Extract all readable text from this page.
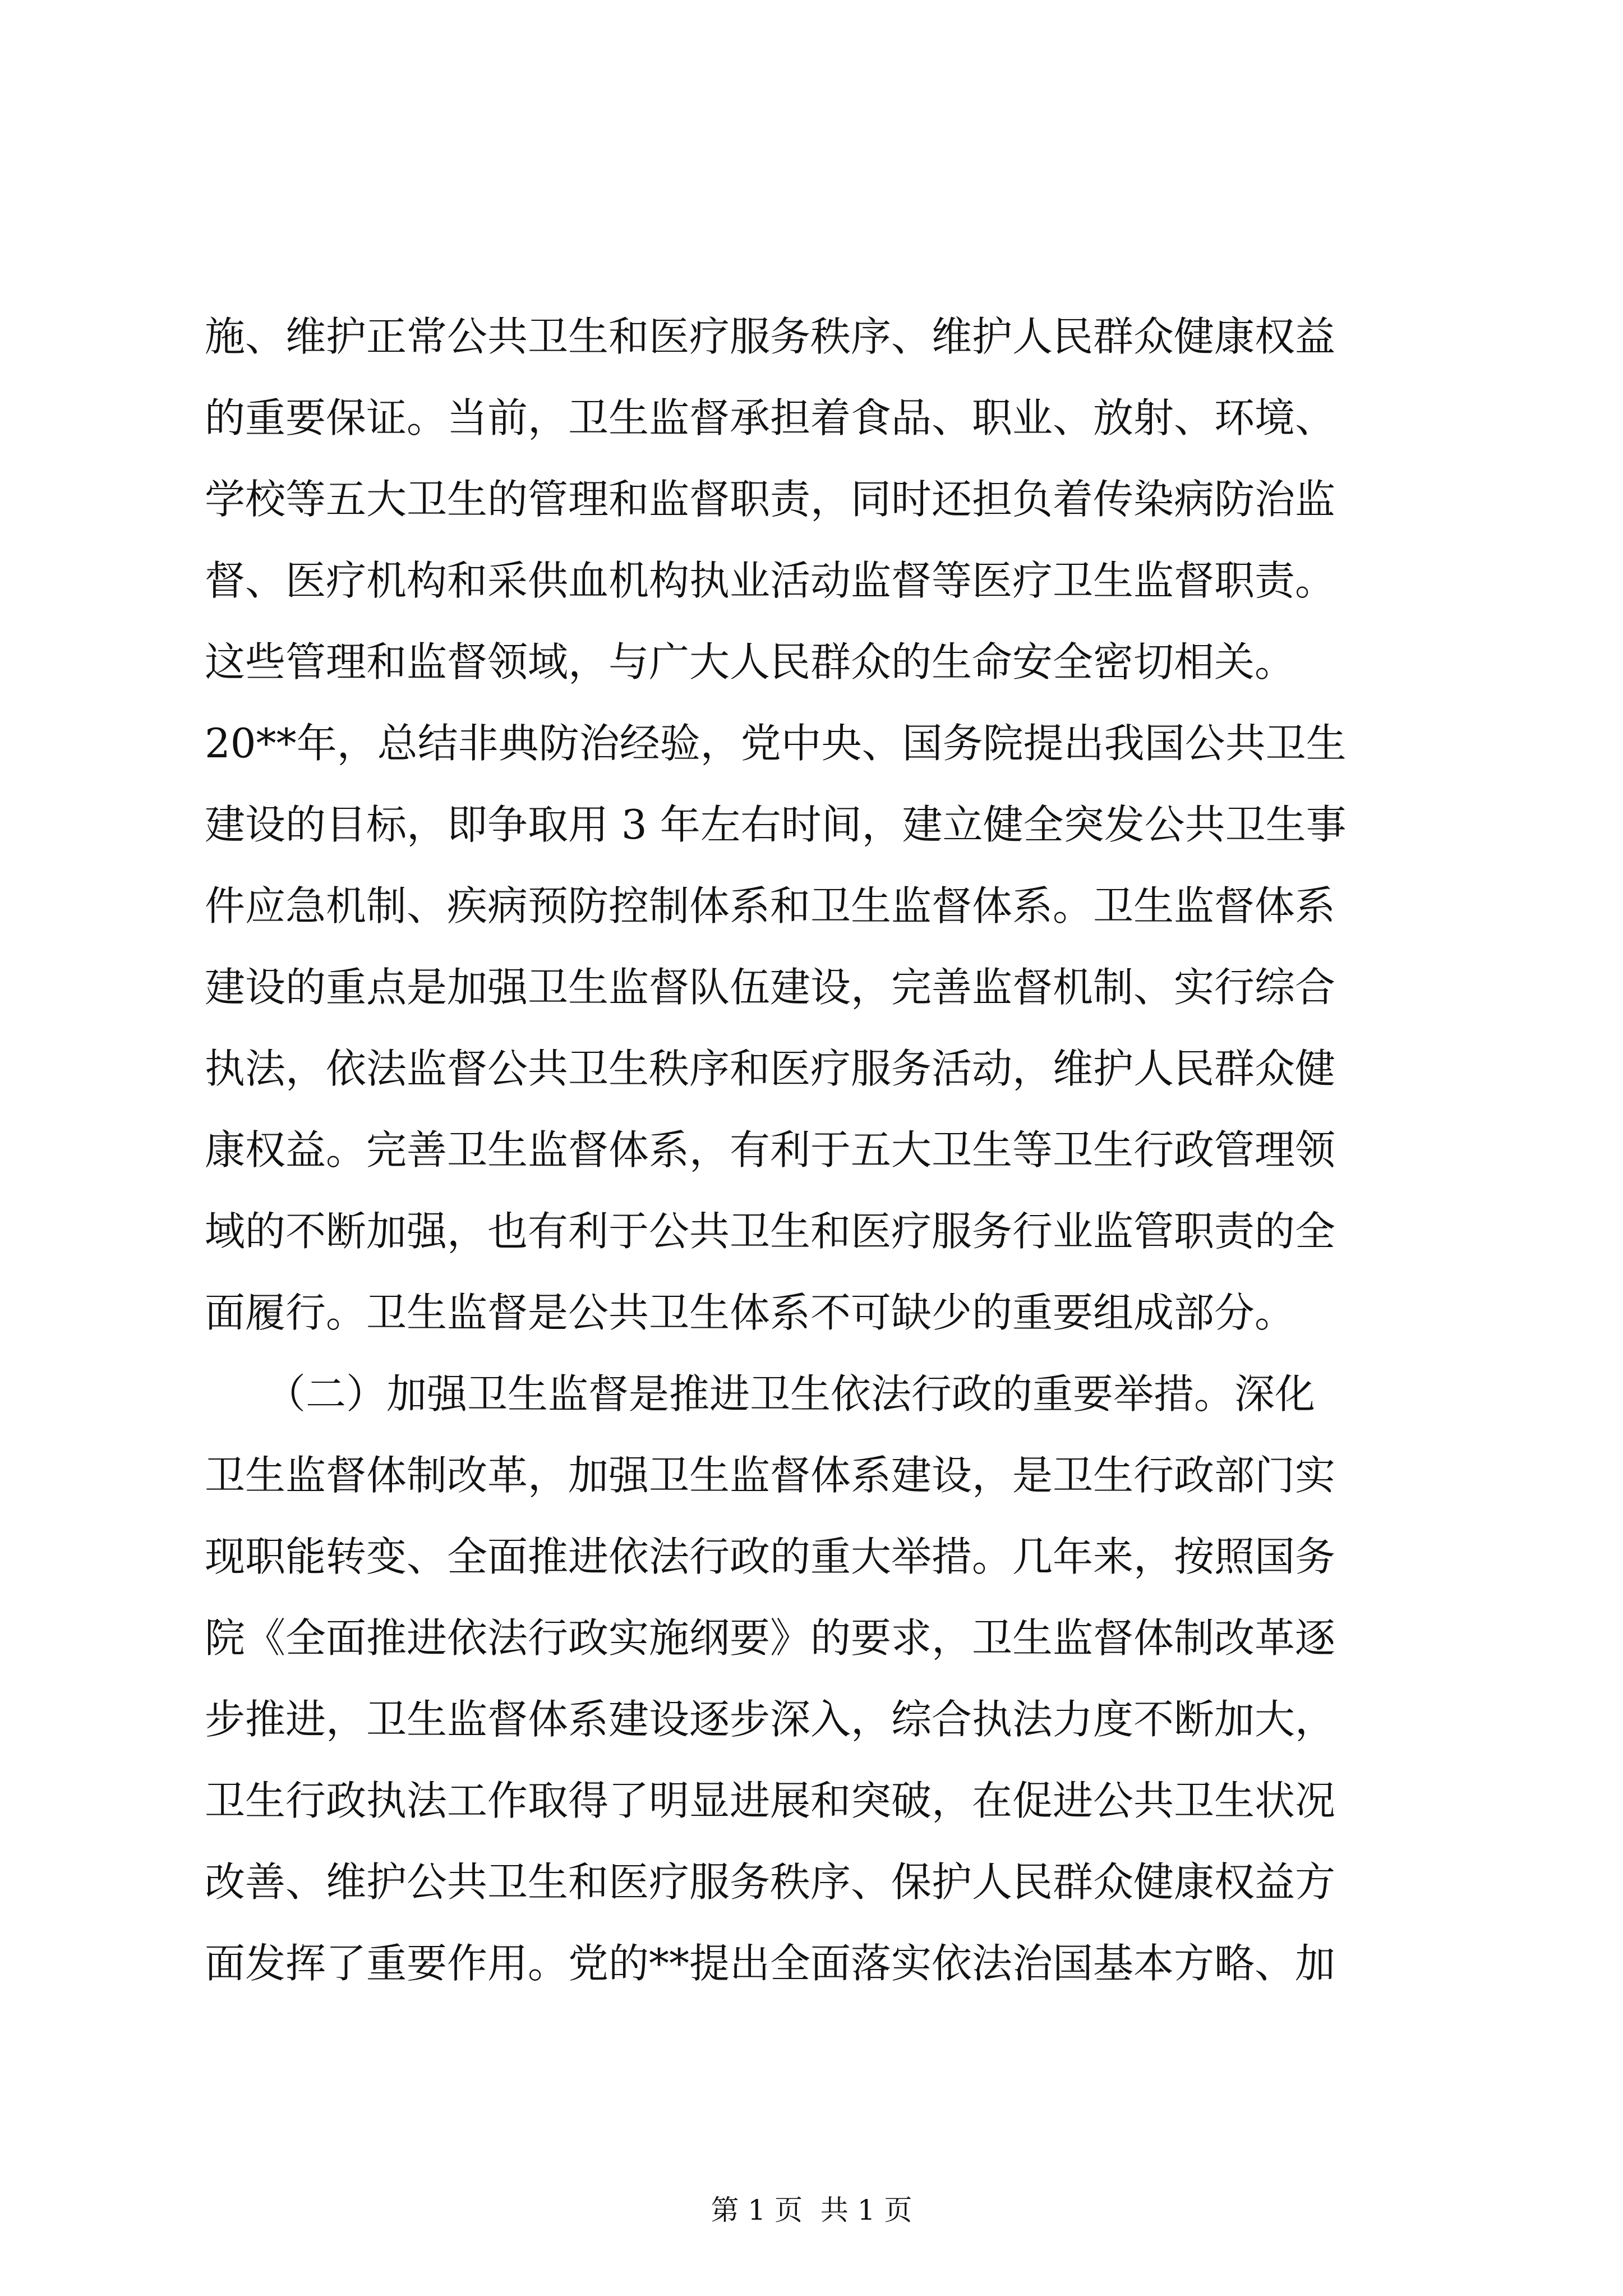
施、维护正常公共卫生和医疗服务秩序、维护人民群众健康权益
的重要保证。当前，卫生监督承担着食品、职业、放射、环境、
学校等五大卫生的管理和监督职责，同时还担负着传染病防治监
督、医疗机构和采供血机构执业活动监督等医疗卫生监督职责。
这些管理和监督领域，与广大人民群众的生命安全密切相关。
20**年，总结非典防治经验，党中央、国务院提出我国公共卫生
建设的目标，即争取用 3 年左右时间，建立健全突发公共卫生事
件应急机制、疾病预防控制体系和卫生监督体系。卫生监督体系
建设的重点是加强卫生监督队伍建设，完善监督机制、实行综合
执法，依法监督公共卫生秩序和医疗服务活动，维护人民群众健
康权益。完善卫生监督体系，有利于五大卫生等卫生行政管理领
域的不断加强，也有利于公共卫生和医疗服务行业监管职责的全
面履行。卫生监督是公共卫生体系不可缺少的重要组成部分。
　　（二）加强卫生监督是推进卫生依法行政的重要举措。深化
卫生监督体制改革，加强卫生监督体系建设，是卫生行政部门实
现职能转变、全面推进依法行政的重大举措。几年来，按照国务
院《全面推进依法行政实施纲要》的要求，卫生监督体制改革逐
步推进，卫生监督体系建设逐步深入，综合执法力度不断加大，
卫生行政执法工作取得了明显进展和突破，在促进公共卫生状况
改善、维护公共卫生和医疗服务秩序、保护人民群众健康权益方
面发挥了重要作用。党的**提出全面落实依法治国基本方略、加
第 1 页  共 1 页
